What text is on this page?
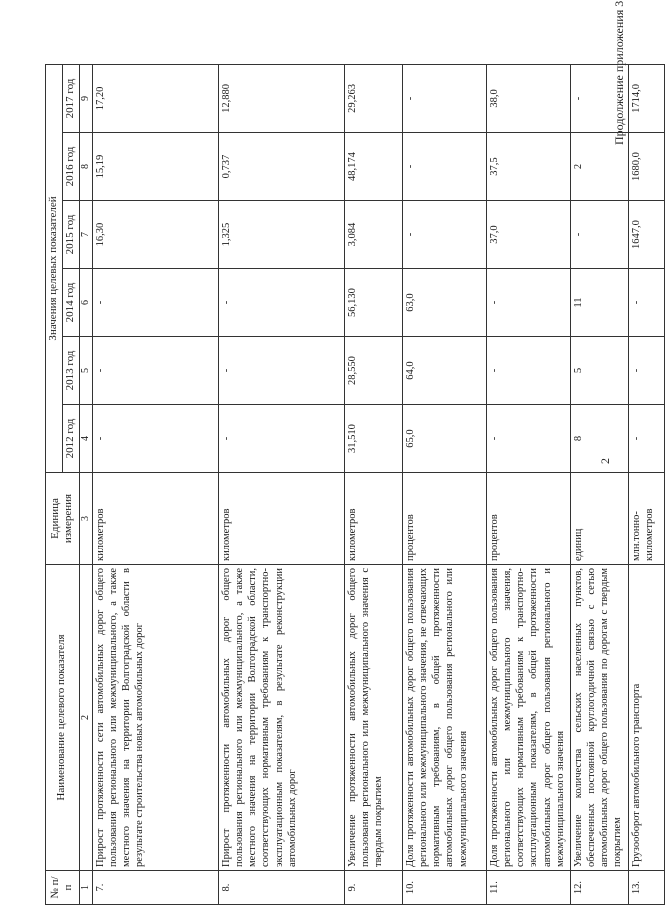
2
Продолжение приложения 3
№ п/п	Наименование целевого показателя	Единица измерения	Значения целевых показателей					
			2012 год	2013 год	2014 год	2015 год	2016 год	2017 год
1	2	3	4	5	6	7	8	9
7.	Прирост протяженности сети автомобильных дорог общего пользования регионального или межмуниципального, а также местного значения на территории Волгоградской области в результате строительства новых автомобильных дорог	километров	-	-	-	16,30	15,19	17,20
8.	Прирост протяженности автомобильных дорог общего пользования регионального или межмуниципального, а также местного значения на территории Волгоградской области, соответствующих нормативным требованиям к транспортно-эксплуатационным показателям, в результате реконструкции автомобильных дорог	километров	-	-	-	1,325	0,737	12,880
9.	Увеличение протяженности автомобильных дорог общего пользования регионального или межмуниципального значения с твердым покрытием	километров	31,510	28,550	56,130	3,084	48,174	29,263
10.	Доля протяженности автомобильных дорог общего пользования регионального или межмуниципального значения, не отвечающих нормативным требованиям, в общей протяженности автомобильных дорог общего пользования регионального или межмуниципального значения	процентов	65,0	64,0	63,0	-	-	-
11.	Доля протяженности автомобильных дорог общего пользования регионального или межмуниципального значения, соответствующих нормативным требованиям к транспортно-эксплуатационным показателям, в общей протяженности автомобильных дорог общего пользования регионального и межмуниципального значения	процентов	-	-	-	37,0	37,5	38,0
12.	Увеличение количества сельских населенных пунктов, обеспеченных постоянной круглогодичной связью с сетью автомобильных дорог общего пользования по дорогам с твердым покрытием	единиц	8	5	11	-	2	-
13.	Грузооборот автомобильного транспорта	млн.тонно-километров	-	-	-	1647,0	1680,0	1714,0
